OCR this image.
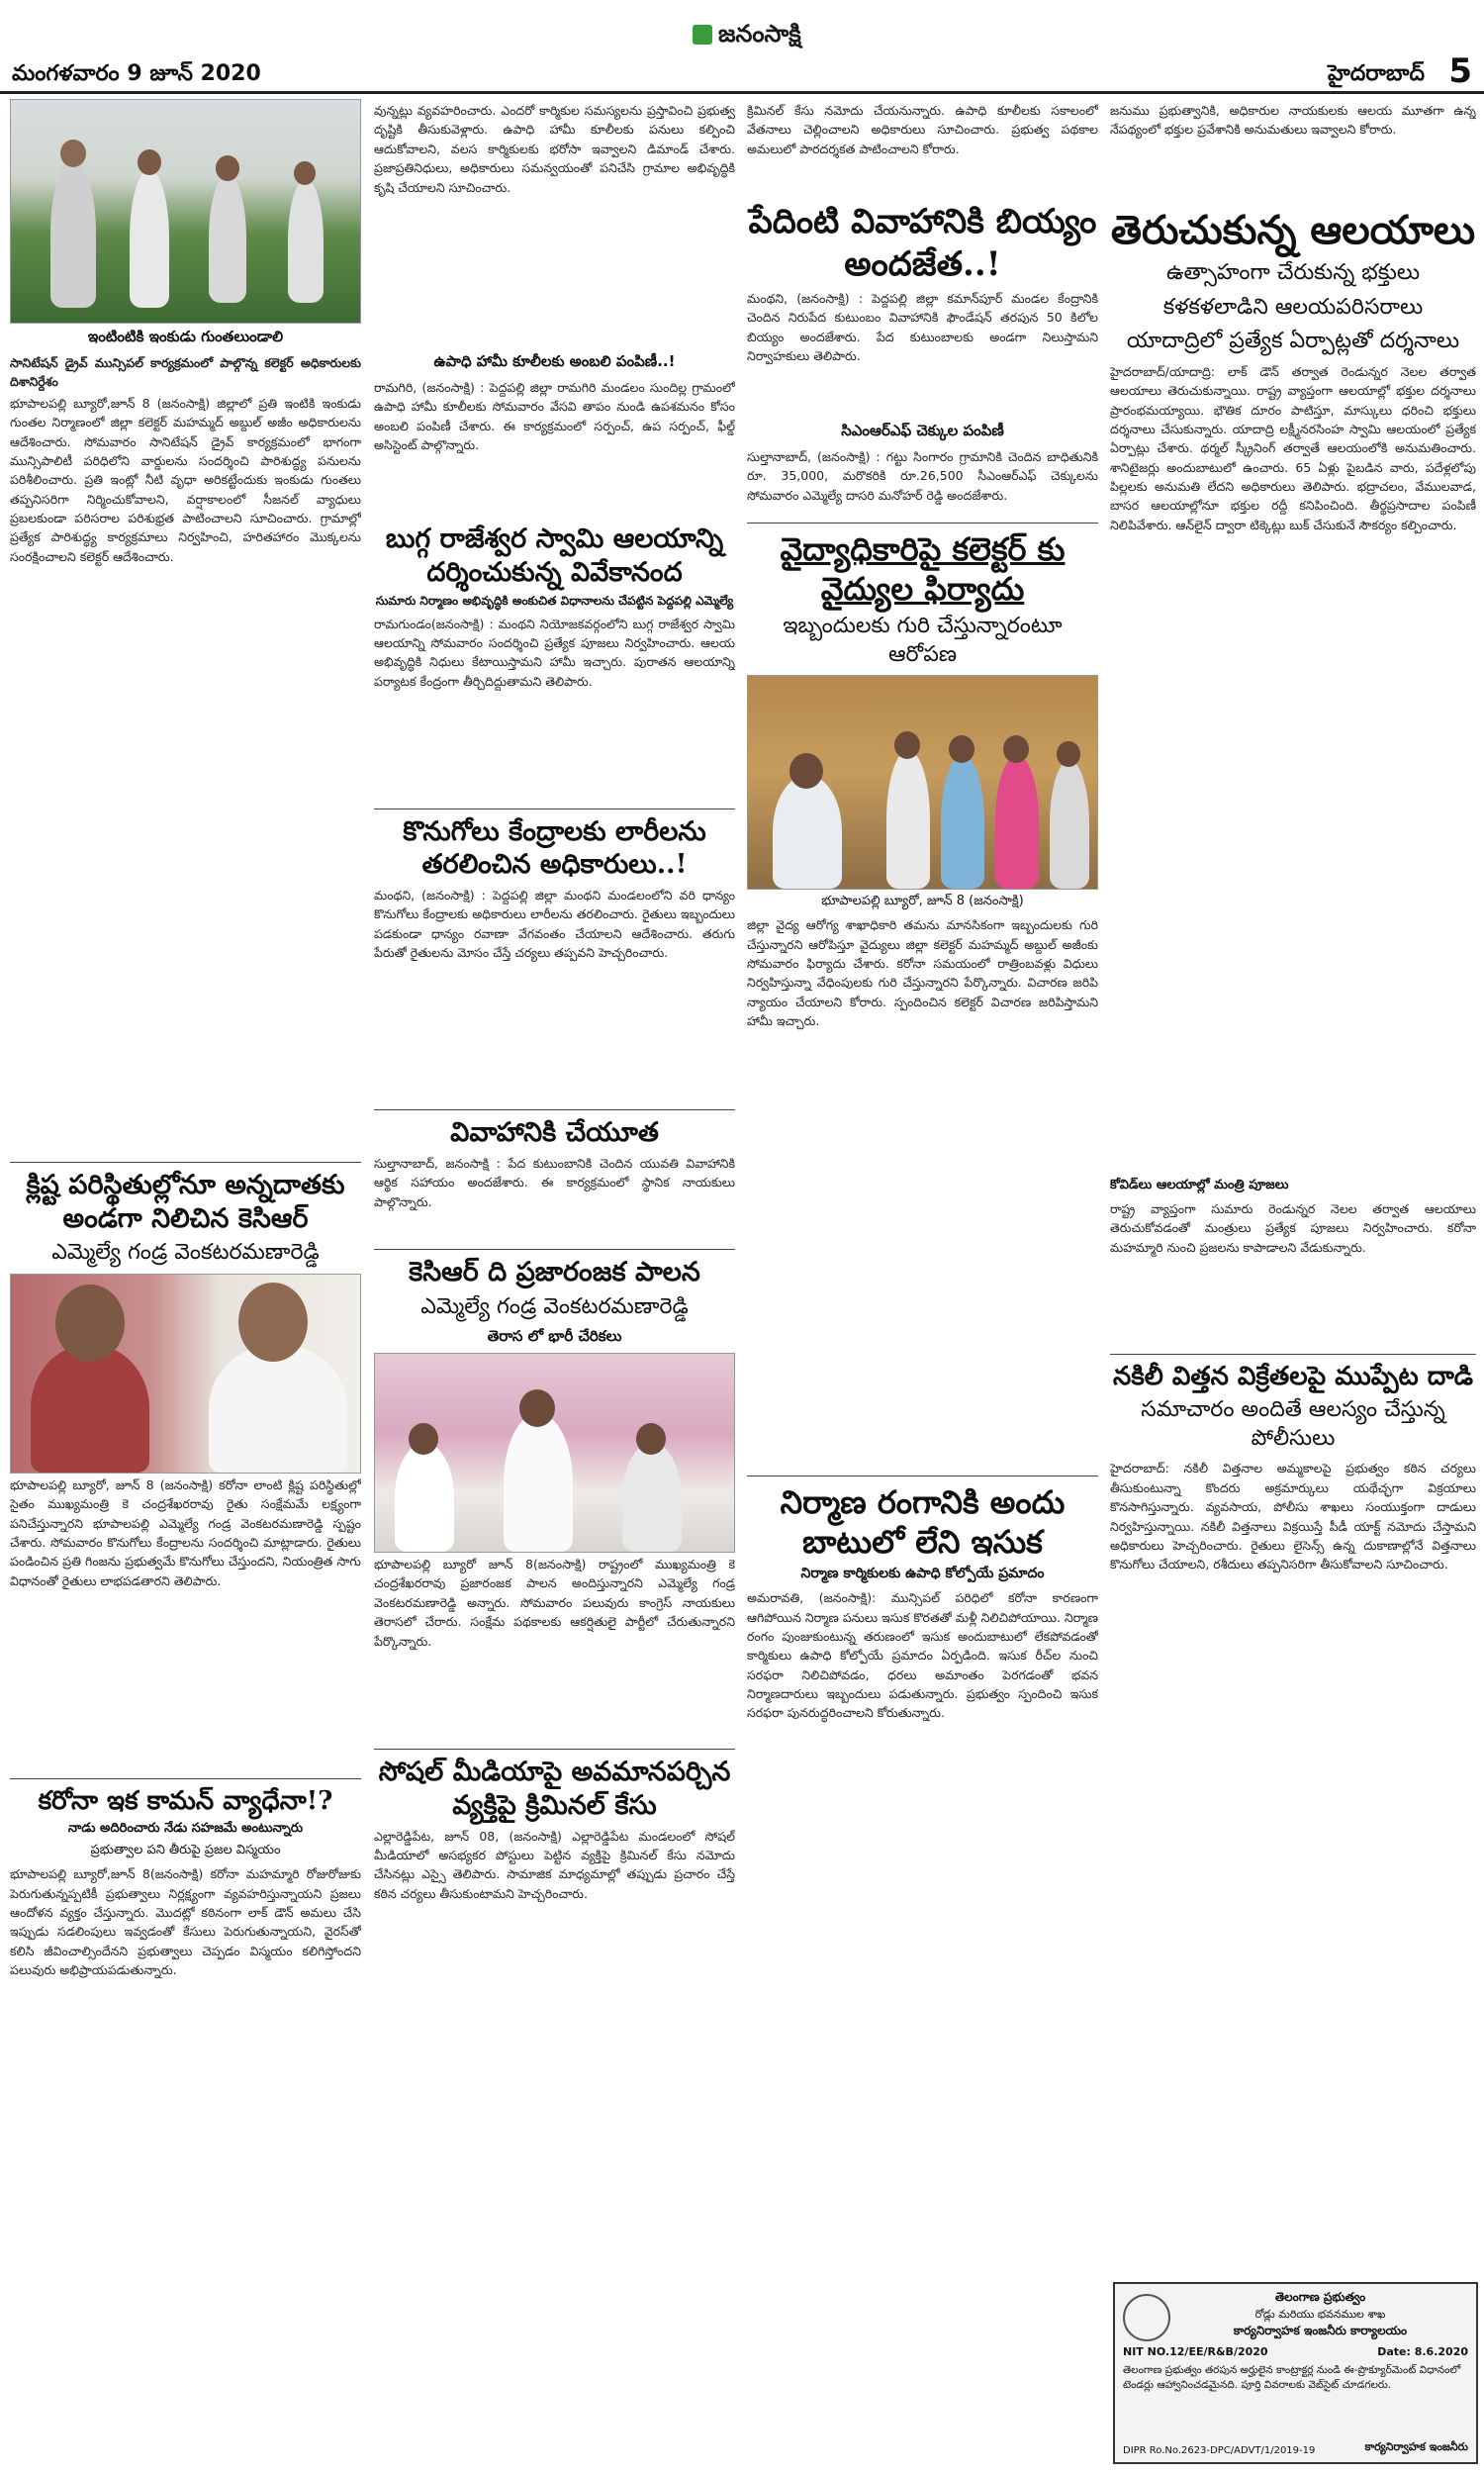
మంగళవారం 9 జూన్ 2020
జనంసాక్షి
హైదరాబాద్ 5
ఇంటింటికి ఇంకుడు గుంతలుండాలి
సానిటేషన్ డ్రైవ్ మున్సిపల్ కార్యక్రమంలో పాల్గొన్న కలెక్టర్ అధికారులకు దిశానిర్దేశం
భూపాలపల్లి బ్యూరో,జూన్ 8 (జనంసాక్షి) జిల్లాలో ప్రతి ఇంటికి ఇంకుడు గుంతల నిర్మాణంలో జిల్లా కలెక్టర్ మహమ్మద్ అబ్దుల్ అజీం అధికారులను ఆదేశించారు. సోమవారం సానిటేషన్ డ్రైవ్ కార్యక్రమంలో భాగంగా మున్సిపాలిటీ పరిధిలోని వార్డులను సందర్శించి పారిశుద్ధ్య పనులను పరిశీలించారు. ప్రతి ఇంట్లో నీటి వృధా అరికట్టేందుకు ఇంకుడు గుంతలు తప్పనిసరిగా నిర్మించుకోవాలని, వర్షాకాలంలో సీజనల్ వ్యాధులు ప్రబలకుండా పరిసరాల పరిశుభ్రత పాటించాలని సూచించారు. గ్రామాల్లో ప్రత్యేక పారిశుద్ధ్య కార్యక్రమాలు నిర్వహించి, హరితహారం మొక్కలను సంరక్షించాలని కలెక్టర్ ఆదేశించారు.
క్లిష్ట పరిస్థితుల్లోనూ అన్నదాతకు అండగా నిలిచిన కెసిఆర్
ఎమ్మెల్యే గండ్ర వెంకటరమణారెడ్డి
భూపాలపల్లి బ్యూరో, జూన్ 8 (జనంసాక్షి) కరోనా లాంటి క్లిష్ట పరిస్థితుల్లో సైతం ముఖ్యమంత్రి కె చంద్రశేఖరరావు రైతు సంక్షేమమే లక్ష్యంగా పనిచేస్తున్నారని భూపాలపల్లి ఎమ్మెల్యే గండ్ర వెంకటరమణారెడ్డి స్పష్టం చేశారు. సోమవారం కొనుగోలు కేంద్రాలను సందర్శించి మాట్లాడారు. రైతులు పండించిన ప్రతి గింజను ప్రభుత్వమే కొనుగోలు చేస్తుందని, నియంత్రిత సాగు విధానంతో రైతులు లాభపడతారని తెలిపారు.
కరోనా ఇక కామన్ వ్యాధేనా!?
నాడు అదిరించారు నేడు సహజమే అంటున్నారు
ప్రభుత్వాల పని తీరుపై ప్రజల విస్మయం
భూపాలపల్లి బ్యూరో,జూన్ 8(జనంసాక్షి) కరోనా మహమ్మారి రోజురోజుకు పెరుగుతున్నప్పటికీ ప్రభుత్వాలు నిర్లక్ష్యంగా వ్యవహరిస్తున్నాయని ప్రజలు ఆందోళన వ్యక్తం చేస్తున్నారు. మొదట్లో కఠినంగా లాక్ డౌన్ అమలు చేసి ఇప్పుడు సడలింపులు ఇవ్వడంతో కేసులు పెరుగుతున్నాయని, వైరస్‌తో కలిసి జీవించాల్సిందేనని ప్రభుత్వాలు చెప్పడం విస్మయం కలిగిస్తోందని పలువురు అభిప్రాయపడుతున్నారు.
వున్నట్లు వ్యవహరించారు. ఎందరో కార్మికుల సమస్యలను ప్రస్తావించి ప్రభుత్వ దృష్టికి తీసుకువెళ్లారు. ఉపాధి హామీ కూలీలకు పనులు కల్పించి ఆదుకోవాలని, వలస కార్మికులకు భరోసా ఇవ్వాలని డిమాండ్ చేశారు. ప్రజాప్రతినిధులు, అధికారులు సమన్వయంతో పనిచేసి గ్రామాల అభివృద్ధికి కృషి చేయాలని సూచించారు.
ఉపాధి హామీ కూలీలకు అంబలి పంపిణీ..!
రామగిరి, (జనంసాక్షి) : పెద్దపల్లి జిల్లా రామగిరి మండలం సుందిల్ల గ్రామంలో ఉపాధి హామీ కూలీలకు సోమవారం వేసవి తాపం నుండి ఉపశమనం కోసం అంబలి పంపిణీ చేశారు. ఈ కార్యక్రమంలో సర్పంచ్, ఉప సర్పంచ్, ఫీల్డ్ అసిస్టెంట్ పాల్గొన్నారు.
బుగ్గ రాజేశ్వర స్వామి ఆలయాన్ని దర్శించుకున్న వివేకానంద
సుమారు నిర్మాణం అభివృద్ధికి అంకుచిత విధానాలను చేపట్టిన పెద్దపల్లి ఎమ్మెల్యే
రామగుండం(జనంసాక్షి) : మంథని నియోజకవర్గంలోని బుగ్గ రాజేశ్వర స్వామి ఆలయాన్ని సోమవారం సందర్శించి ప్రత్యేక పూజలు నిర్వహించారు. ఆలయ అభివృద్ధికి నిధులు కేటాయిస్తామని హామీ ఇచ్చారు. పురాతన ఆలయాన్ని పర్యాటక కేంద్రంగా తీర్చిదిద్దుతామని తెలిపారు.
కొనుగోలు కేంద్రాలకు లారీలను తరలించిన అధికారులు..!
మంథని, (జనంసాక్షి) : పెద్దపల్లి జిల్లా మంథని మండలంలోని వరి ధాన్యం కొనుగోలు కేంద్రాలకు అధికారులు లారీలను తరలించారు. రైతులు ఇబ్బందులు పడకుండా ధాన్యం రవాణా వేగవంతం చేయాలని ఆదేశించారు. తరుగు పేరుతో రైతులను మోసం చేస్తే చర్యలు తప్పవని హెచ్చరించారు.
వివాహానికి చేయూత
సుల్తానాబాద్, జనంసాక్షి : పేద కుటుంబానికి చెందిన యువతి వివాహానికి ఆర్థిక సహాయం అందజేశారు. ఈ కార్యక్రమంలో స్థానిక నాయకులు పాల్గొన్నారు.
కెసిఆర్ ది ప్రజారంజక పాలన
ఎమ్మెల్యే గండ్ర వెంకటరమణారెడ్డి
తెరాస లో భారీ చేరికలు
భూపాలపల్లి బ్యూరో జూన్ 8(జనంసాక్షి) రాష్ట్రంలో ముఖ్యమంత్రి కె చంద్రశేఖరరావు ప్రజారంజక పాలన అందిస్తున్నారని ఎమ్మెల్యే గండ్ర వెంకటరమణారెడ్డి అన్నారు. సోమవారం పలువురు కాంగ్రెస్ నాయకులు తెరాసలో చేరారు. సంక్షేమ పథకాలకు ఆకర్షితులై పార్టీలో చేరుతున్నారని పేర్కొన్నారు.
సోషల్ మీడియాపై అవమానపర్చిన వ్యక్తిపై క్రిమినల్ కేసు
ఎల్లారెడ్డిపేట, జూన్ 08, (జనంసాక్షి) ఎల్లారెడ్డిపేట మండలంలో సోషల్ మీడియాలో అసభ్యకర పోస్టులు పెట్టిన వ్యక్తిపై క్రిమినల్ కేసు నమోదు చేసినట్లు ఎస్సై తెలిపారు. సామాజిక మాధ్యమాల్లో తప్పుడు ప్రచారం చేస్తే కఠిన చర్యలు తీసుకుంటామని హెచ్చరించారు.
క్రిమినల్ కేసు నమోదు చేయనున్నారు. ఉపాధి కూలీలకు సకాలంలో వేతనాలు చెల్లించాలని అధికారులు సూచించారు. ప్రభుత్వ పథకాల అమలులో పారదర్శకత పాటించాలని కోరారు.
పేదింటి వివాహానికి బియ్యం అందజేత..!
మంథని, (జనంసాక్షి) : పెద్దపల్లి జిల్లా కమాన్‌పూర్ మండల కేంద్రానికి చెందిన నిరుపేద కుటుంబం వివాహానికి ఫౌండేషన్ తరపున 50 కిలోల బియ్యం అందజేశారు. పేద కుటుంబాలకు అండగా నిలుస్తామని నిర్వాహకులు తెలిపారు.
సిఎంఆర్ఎఫ్ చెక్కుల పంపిణీ
సుల్తానాబాద్, (జనంసాక్షి) : గట్టు సింగారం గ్రామానికి చెందిన బాధితునికి రూ. 35,000, మరొకరికి రూ.26,500 సీఎంఆర్‌ఎఫ్ చెక్కులను సోమవారం ఎమ్మెల్యే దాసరి మనోహర్ రెడ్డి అందజేశారు.
వైద్యాధికారిపై కలెక్టర్ కు వైద్యుల ఫిర్యాదు
ఇబ్బందులకు గురి చేస్తున్నారంటూ ఆరోపణ
భూపాలపల్లి బ్యూరో, జూన్ 8 (జనంసాక్షి)
జిల్లా వైద్య ఆరోగ్య శాఖాధికారి తమను మానసికంగా ఇబ్బందులకు గురి చేస్తున్నారని ఆరోపిస్తూ వైద్యులు జిల్లా కలెక్టర్ మహమ్మద్ అబ్దుల్ అజీంకు సోమవారం ఫిర్యాదు చేశారు. కరోనా సమయంలో రాత్రింబవళ్లు విధులు నిర్వహిస్తున్నా వేధింపులకు గురి చేస్తున్నారని పేర్కొన్నారు. విచారణ జరిపి న్యాయం చేయాలని కోరారు. స్పందించిన కలెక్టర్ విచారణ జరిపిస్తామని హామీ ఇచ్చారు.
నిర్మాణ రంగానికి అందు బాటులో లేని ఇసుక
నిర్మాణ కార్మికులకు ఉపాధి కోల్పోయే ప్రమాదం
అమరావతి, (జనంసాక్షి): మున్సిపల్ పరిధిలో కరోనా కారణంగా ఆగిపోయిన నిర్మాణ పనులు ఇసుక కొరతతో మళ్లీ నిలిచిపోయాయి. నిర్మాణ రంగం పుంజుకుంటున్న తరుణంలో ఇసుక అందుబాటులో లేకపోవడంతో కార్మికులు ఉపాధి కోల్పోయే ప్రమాదం ఏర్పడింది. ఇసుక రీచ్‌ల నుంచి సరఫరా నిలిచిపోవడం, ధరలు అమాంతం పెరగడంతో భవన నిర్మాణదారులు ఇబ్బందులు పడుతున్నారు. ప్రభుత్వం స్పందించి ఇసుక సరఫరా పునరుద్ధరించాలని కోరుతున్నారు.
జనుము ప్రభుత్వానికి, అధికారుల నాయకులకు ఆలయ మూతగా ఉన్న నేపథ్యంలో భక్తుల ప్రవేశానికి అనుమతులు ఇవ్వాలని కోరారు.
తెరుచుకున్న ఆలయాలు
ఉత్సాహంగా చేరుకున్న భక్తులు
కళకళలాడిని ఆలయపరిసరాలు
యాదాద్రిలో ప్రత్యేక ఏర్పాట్లతో దర్శనాలు
హైదరాబాద్/యాదాద్రి: లాక్ డౌన్ తర్వాత రెండున్నర నెలల తర్వాత ఆలయాలు తెరుచుకున్నాయి. రాష్ట్ర వ్యాప్తంగా ఆలయాల్లో భక్తుల దర్శనాలు ప్రారంభమయ్యాయి. భౌతిక దూరం పాటిస్తూ, మాస్కులు ధరించి భక్తులు దర్శనాలు చేసుకున్నారు. యాదాద్రి లక్ష్మీనరసింహ స్వామి ఆలయంలో ప్రత్యేక ఏర్పాట్లు చేశారు. థర్మల్ స్క్రీనింగ్ తర్వాతే ఆలయంలోకి అనుమతించారు. శానిటైజర్లు అందుబాటులో ఉంచారు. 65 ఏళ్లు పైబడిన వారు, పదేళ్లలోపు పిల్లలకు అనుమతి లేదని అధికారులు తెలిపారు. భద్రాచలం, వేములవాడ, బాసర ఆలయాల్లోనూ భక్తుల రద్దీ కనిపించింది. తీర్థప్రసాదాల పంపిణీ నిలిపివేశారు. ఆన్‌లైన్ ద్వారా టిక్కెట్లు బుక్ చేసుకునే సౌకర్యం కల్పించారు.
కోవిడ్‌లు ఆలయాల్లో మంత్రి పూజలు
రాష్ట్ర వ్యాప్తంగా సుమారు రెండున్నర నెలల తర్వాత ఆలయాలు తెరుచుకోవడంతో మంత్రులు ప్రత్యేక పూజలు నిర్వహించారు. కరోనా మహమ్మారి నుంచి ప్రజలను కాపాడాలని వేడుకున్నారు.
నకిలీ విత్తన విక్రేతలపై ముప్పేట దాడి
సమాచారం అందితే ఆలస్యం చేస్తున్న పోలీసులు
హైదరాబాద్: నకిలీ విత్తనాల అమ్మకాలపై ప్రభుత్వం కఠిన చర్యలు తీసుకుంటున్నా కొందరు అక్రమార్కులు యథేచ్ఛగా విక్రయాలు కొనసాగిస్తున్నారు. వ్యవసాయ, పోలీసు శాఖలు సంయుక్తంగా దాడులు నిర్వహిస్తున్నాయి. నకిలీ విత్తనాలు విక్రయిస్తే పీడీ యాక్ట్ నమోదు చేస్తామని అధికారులు హెచ్చరించారు. రైతులు లైసెన్స్ ఉన్న దుకాణాల్లోనే విత్తనాలు కొనుగోలు చేయాలని, రశీదులు తప్పనిసరిగా తీసుకోవాలని సూచించారు.
తెలంగాణ ప్రభుత్వం
రోడ్లు మరియు భవనముల శాఖ
కార్యనిర్వాహక ఇంజనీరు కార్యాలయం
NIT NO.12/EE/R&B/2020	Date: 8.6.2020
తెలంగాణ ప్రభుత్వం తరపున అర్హులైన కాంట్రాక్టర్ల నుండి ఈ-ప్రొక్యూర్‌మెంట్ విధానంలో టెండర్లు ఆహ్వానించడమైనది. పూర్తి వివరాలకు వెబ్‌సైట్ చూడగలరు.
DIPR Ro.No.2623-DPC/ADVT/1/2019-19	కార్యనిర్వాహక ఇంజనీరు
